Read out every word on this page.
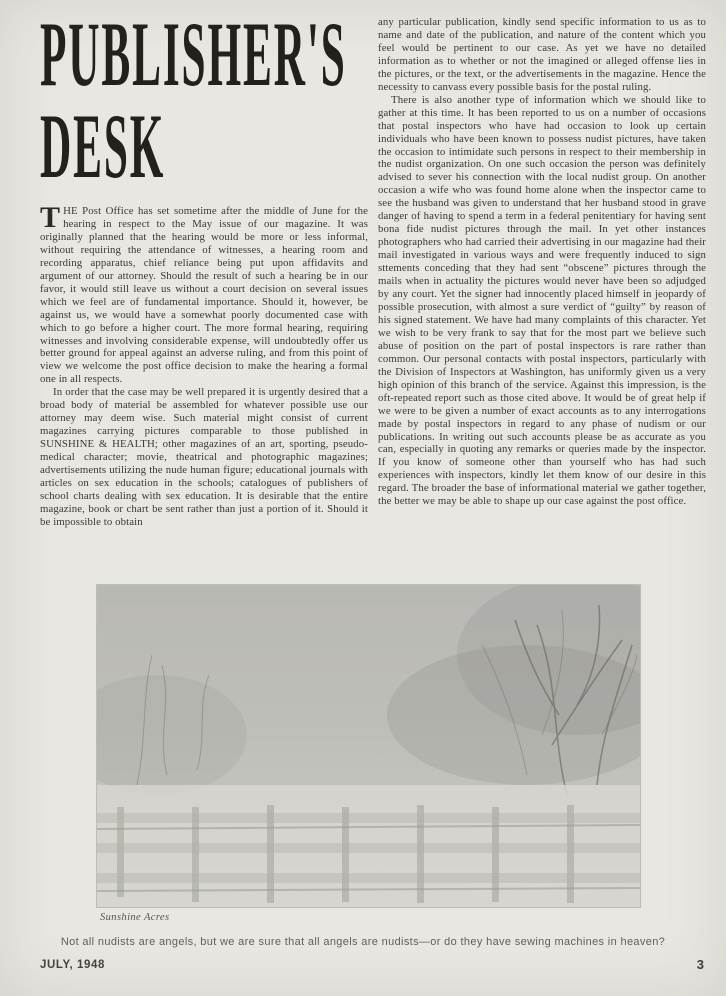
PUBLISHER'S
DESK

THE Post Office has set sometime after the middle of June for the hearing in respect to the May issue of our magazine. It was originally planned that the hearing would be more or less informal, without requiring the attendance of witnesses, a hearing room and recording apparatus, chief reliance being put upon affidavits and argument of our attorney. Should the result of such a hearing be in our favor, it would still leave us without a court decision on several issues which we feel are of fundamental importance. Should it, however, be against us, we would have a somewhat poorly documented case with which to go before a higher court. The more formal hearing, requiring witnesses and involving considerable expense, will undoubtedly offer us better ground for appeal against an adverse ruling, and from this point of view we welcome the post office decision to make the hearing a formal one in all respects.

In order that the case may be well prepared it is urgently desired that a broad body of material be assembled for whatever possible use our attorney may deem wise. Such material might consist of current magazines carrying pictures comparable to those published in SUNSHINE & HEALTH; other magazines of an art, sporting, pseudo-medical character; movie, theatrical and photographic magazines; advertisements utilizing the nude human figure; educational journals with articles on sex education in the schools; catalogues of publishers of school charts dealing with sex education. It is desirable that the entire magazine, book or chart be sent rather than just a portion of it. Should it be impossible to obtain

any particular publication, kindly send specific information to us as to name and date of the publication, and nature of the content which you feel would be pertinent to our case. As yet we have no detailed information as to whether or not the imagined or alleged offense lies in the pictures, or the text, or the advertisements in the magazine. Hence the necessity to canvass every possible basis for the postal ruling.

There is also another type of information which we should like to gather at this time. It has been reported to us on a number of occasions that postal inspectors who have had occasion to look up certain individuals who have been known to possess nudist pictures, have taken the occasion to intimidate such persons in respect to their membership in the nudist organization. On one such occasion the person was definitely advised to sever his connection with the local nudist group. On another occasion a wife who was found home alone when the inspector came to see the husband was given to understand that her husband stood in grave danger of having to spend a term in a federal penitentiary for having sent bona fide nudist pictures through the mail. In yet other instances photographers who had carried their advertising in our magazine had their mail investigated in various ways and were frequently induced to sign sttements conceding that they had sent “obscene” pictures through the mails when in actuality the pictures would never have been so adjudged by any court. Yet the signer had innocently placed himself in jeopardy of possible prosecution, with almost a sure verdict of “guilty” by reason of his signed statement. We have had many complaints of this character. Yet we wish to be very frank to say that for the most part we believe such abuse of position on the part of postal inspectors is rare rather than common. Our personal contacts with postal inspectors, particularly with the Division of Inspectors at Washington, has uniformly given us a very high opinion of this branch of the service. Against this impression, is the oft-repeated report such as those cited above. It would be of great help if we were to be given a number of exact accounts as to any interrogations made by postal inspectors in regard to any phase of nudism or our publications. In writing out such accounts please be as accurate as you can, especially in quoting any remarks or queries made by the inspector. If you know of someone other than yourself who has had such experiences with inspectors, kindly let them know of our desire in this regard. The broader the base of informational material we gather together, the better we may be able to shape up our case against the post office.

Sunshine Acres
Not all nudists are angels, but we are sure that all angels are nudists—or do they have sewing machines in heaven?
JULY, 1948	3
